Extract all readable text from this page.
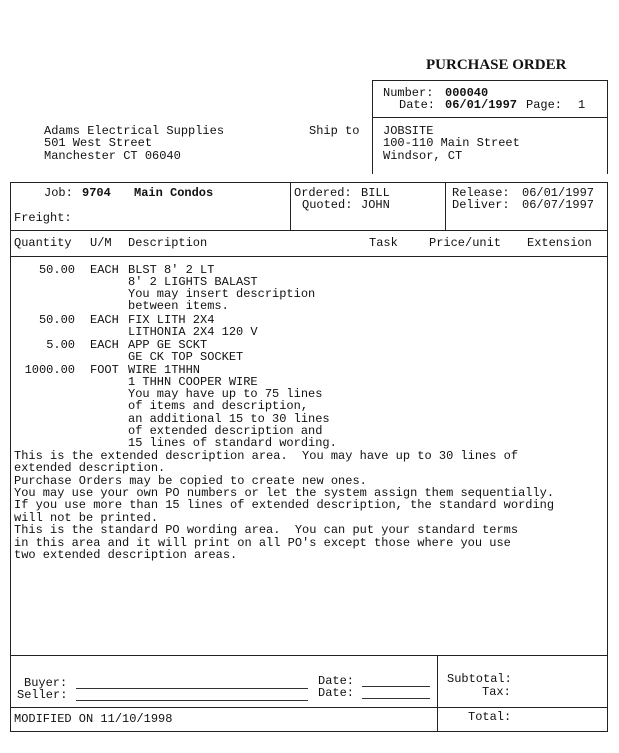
PURCHASE ORDER
Number: 000040
Date: 06/01/1997 Page: 1
Adams Electrical Supplies
501 West Street
Manchester CT 06040
Ship to JOBSITE
100-110 Main Street
Windsor, CT
Job: 9704 Main Condos
Freight:
Ordered: BILL
Quoted: JOHN
Release: 06/01/1997
Deliver: 06/07/1997
Quantity U/M Description	Task	Price/unit Extension
50.00 EACH BLST 8' 2 LT
8' 2 LIGHTS BALAST
You may insert description
between items.
50.00 EACH FIX LITH 2X4
LITHONIA 2X4 120 V
5.00 EACH APP GE SCKT
GE CK TOP SOCKET
1000.00 FOOT WIRE 1THHN
1 THHN COOPER WIRE
You may have up to 75 lines
of items and description,
an additional 15 to 30 lines
of extended description and
15 lines of standard wording.
This is the extended description area.  You may have up to 30 lines of
extended description.
Purchase Orders may be copied to create new ones.
You may use your own PO numbers or let the system assign them sequentially.
If you use more than 15 lines of extended description, the standard wording
will not be printed.
This is the standard PO wording area.  You can put your standard terms
in this area and it will print on all PO's except those where you use
two extended description areas.
Buyer:
Seller:
Date:
Date:
Subtotal:
Tax:
MODIFIED ON 11/10/1998	Total:
